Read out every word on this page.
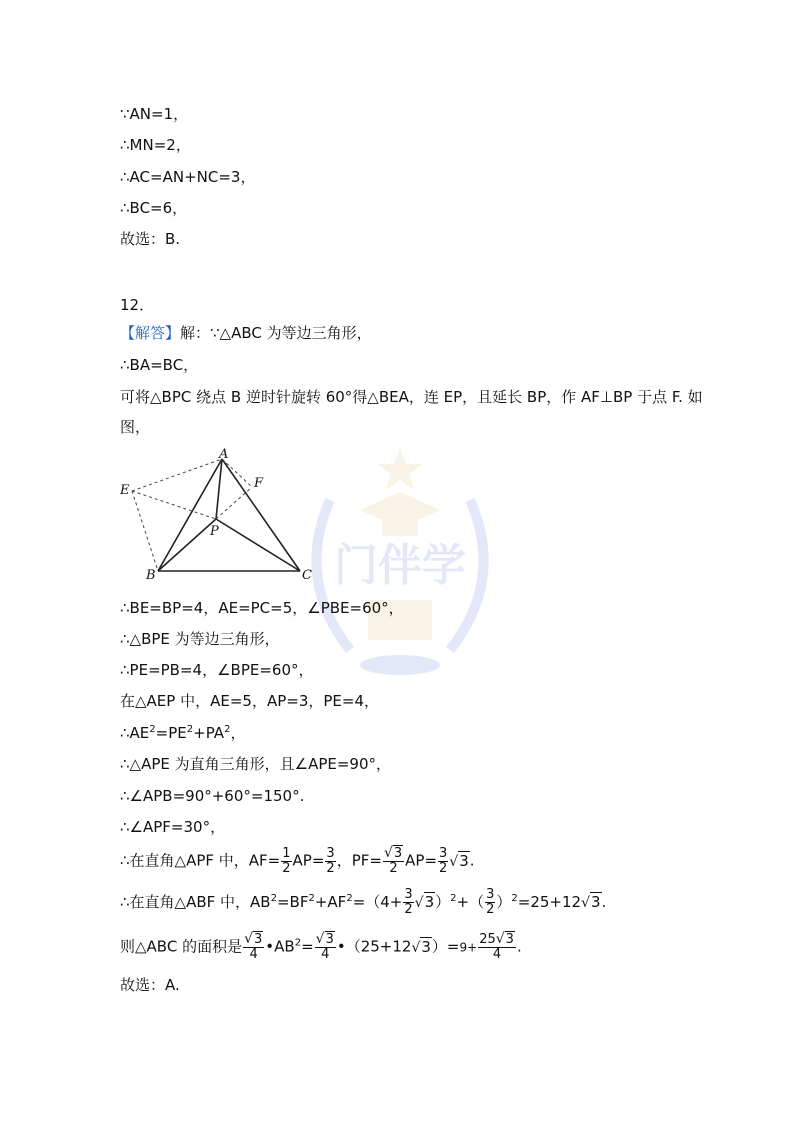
门伴学
∵AN=1，
∴MN=2，
∴AC=AN+NC=3，
∴BC=6，
故选：B.
12．
【解答】解：∵△ABC 为等边三角形，
∴BA=BC，
可将△BPC 绕点 B 逆时针旋转 60°得△BEA，连 EP，且延长 BP，作 AF⊥BP 于点 F. 如
图，
A
B	C
E	F
P
∴BE=BP=4，AE=PC=5，∠PBE=60°，
∴△BPE 为等边三角形，
∴PE=PB=4，∠BPE=60°，
在△AEP 中，AE=5，AP=3，PE=4，
$\therefore AE^2=PE^2+PA^2$，
∴△APE 为直角三角形，且∠APE=90°，
∴∠APB=90°+60°=150°.
∴∠APF=30°，
∴在直角△APF 中，$AF= \frac{1}{2} AP= \frac{3}{2}$ ，$PF= \frac{√3}{2} AP= \frac{3}{2} √3$.
∴在直角△ABF 中，$AB^2=BF^2+AF^2=(4+ \frac{3}{2} √3)^2+( \frac{3}{2} )^2=25+12√3$.
则△ABC 的面积是 $\frac{√3}{4}$ $•AB^2= \frac{√3}{4}$ •（25+12√3）=9+ $\frac{25√3}{4}$ .
故选：A.
